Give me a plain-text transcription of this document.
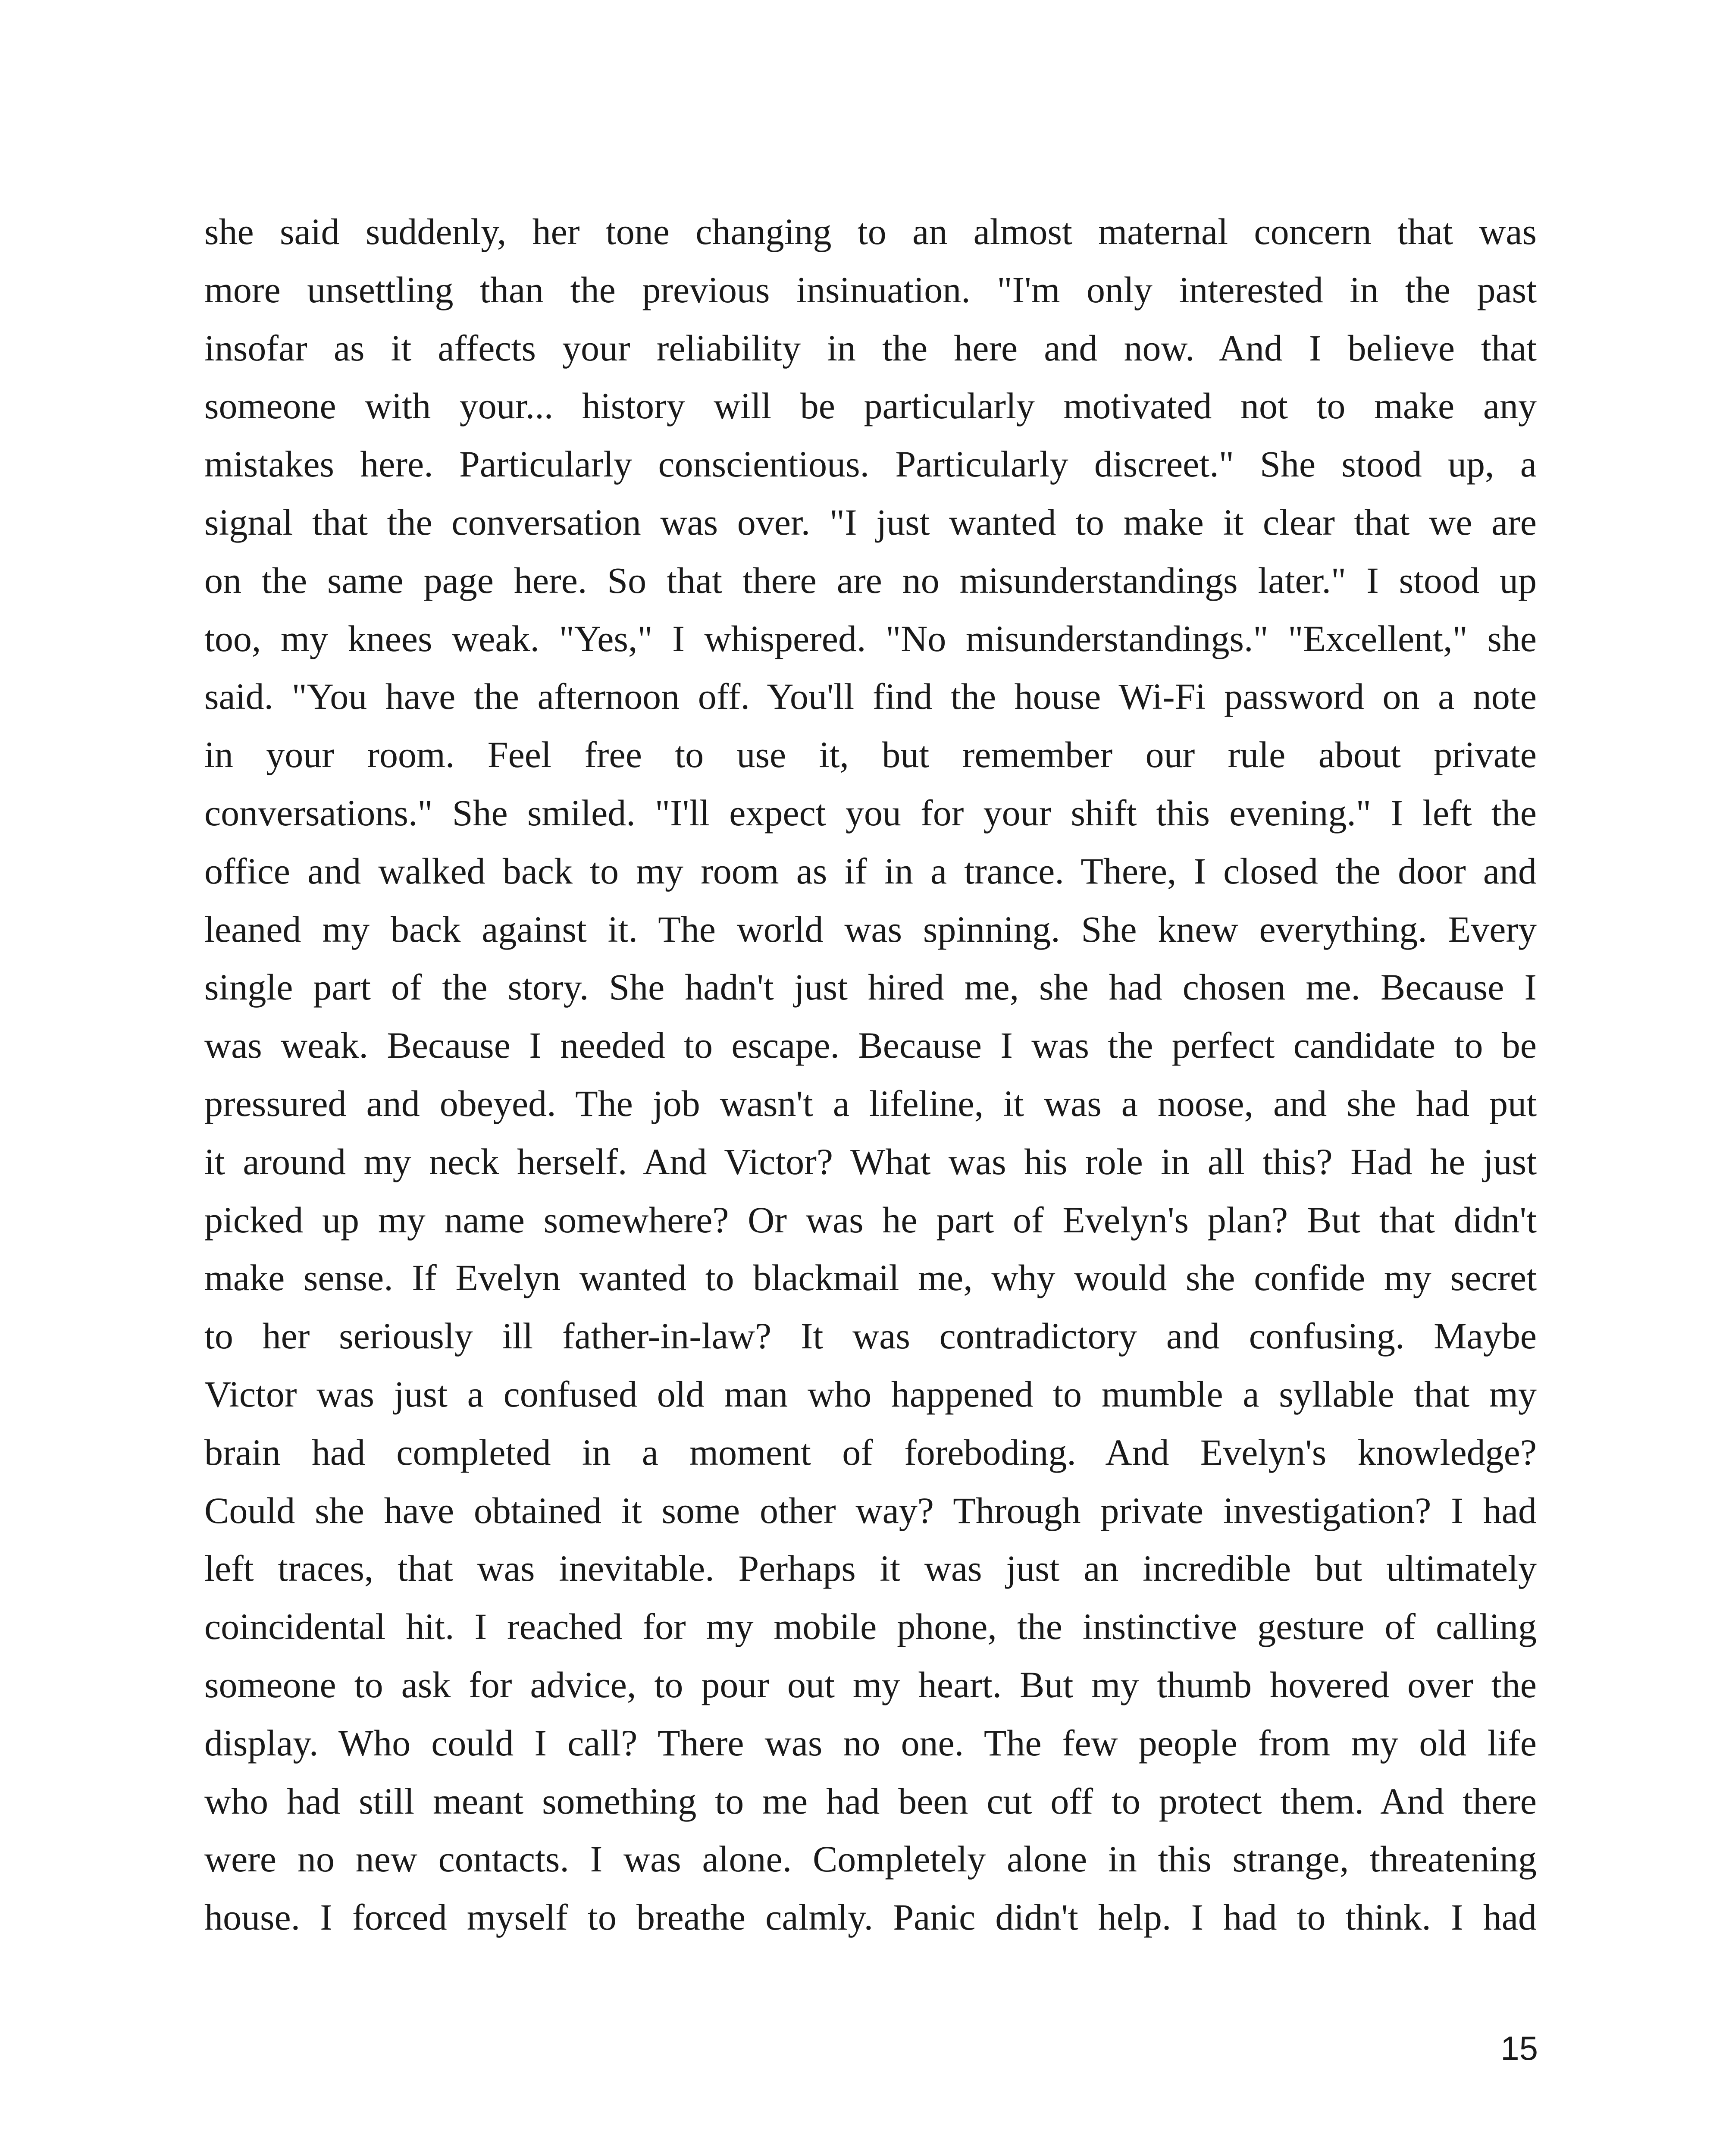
she said suddenly, her tone changing to an almost maternal concern that was
more unsettling than the previous insinuation. "I'm only interested in the past
insofar as it affects your reliability in the here and now. And I believe that
someone with your... history will be particularly motivated not to make any
mistakes here. Particularly conscientious. Particularly discreet." She stood up, a
signal that the conversation was over. "I just wanted to make it clear that we are
on the same page here. So that there are no misunderstandings later." I stood up
too, my knees weak. "Yes," I whispered. "No misunderstandings." "Excellent," she
said. "You have the afternoon off. You'll find the house Wi-Fi password on a note
in your room. Feel free to use it, but remember our rule about private
conversations." She smiled. "I'll expect you for your shift this evening." I left the
office and walked back to my room as if in a trance. There, I closed the door and
leaned my back against it. The world was spinning. She knew everything. Every
single part of the story. She hadn't just hired me, she had chosen me. Because I
was weak. Because I needed to escape. Because I was the perfect candidate to be
pressured and obeyed. The job wasn't a lifeline, it was a noose, and she had put
it around my neck herself. And Victor? What was his role in all this? Had he just
picked up my name somewhere? Or was he part of Evelyn's plan? But that didn't
make sense. If Evelyn wanted to blackmail me, why would she confide my secret
to her seriously ill father-in-law? It was contradictory and confusing. Maybe
Victor was just a confused old man who happened to mumble a syllable that my
brain had completed in a moment of foreboding. And Evelyn's knowledge?
Could she have obtained it some other way? Through private investigation? I had
left traces, that was inevitable. Perhaps it was just an incredible but ultimately
coincidental hit. I reached for my mobile phone, the instinctive gesture of calling
someone to ask for advice, to pour out my heart. But my thumb hovered over the
display. Who could I call? There was no one. The few people from my old life
who had still meant something to me had been cut off to protect them. And there
were no new contacts. I was alone. Completely alone in this strange, threatening
house. I forced myself to breathe calmly. Panic didn't help. I had to think. I had
15
